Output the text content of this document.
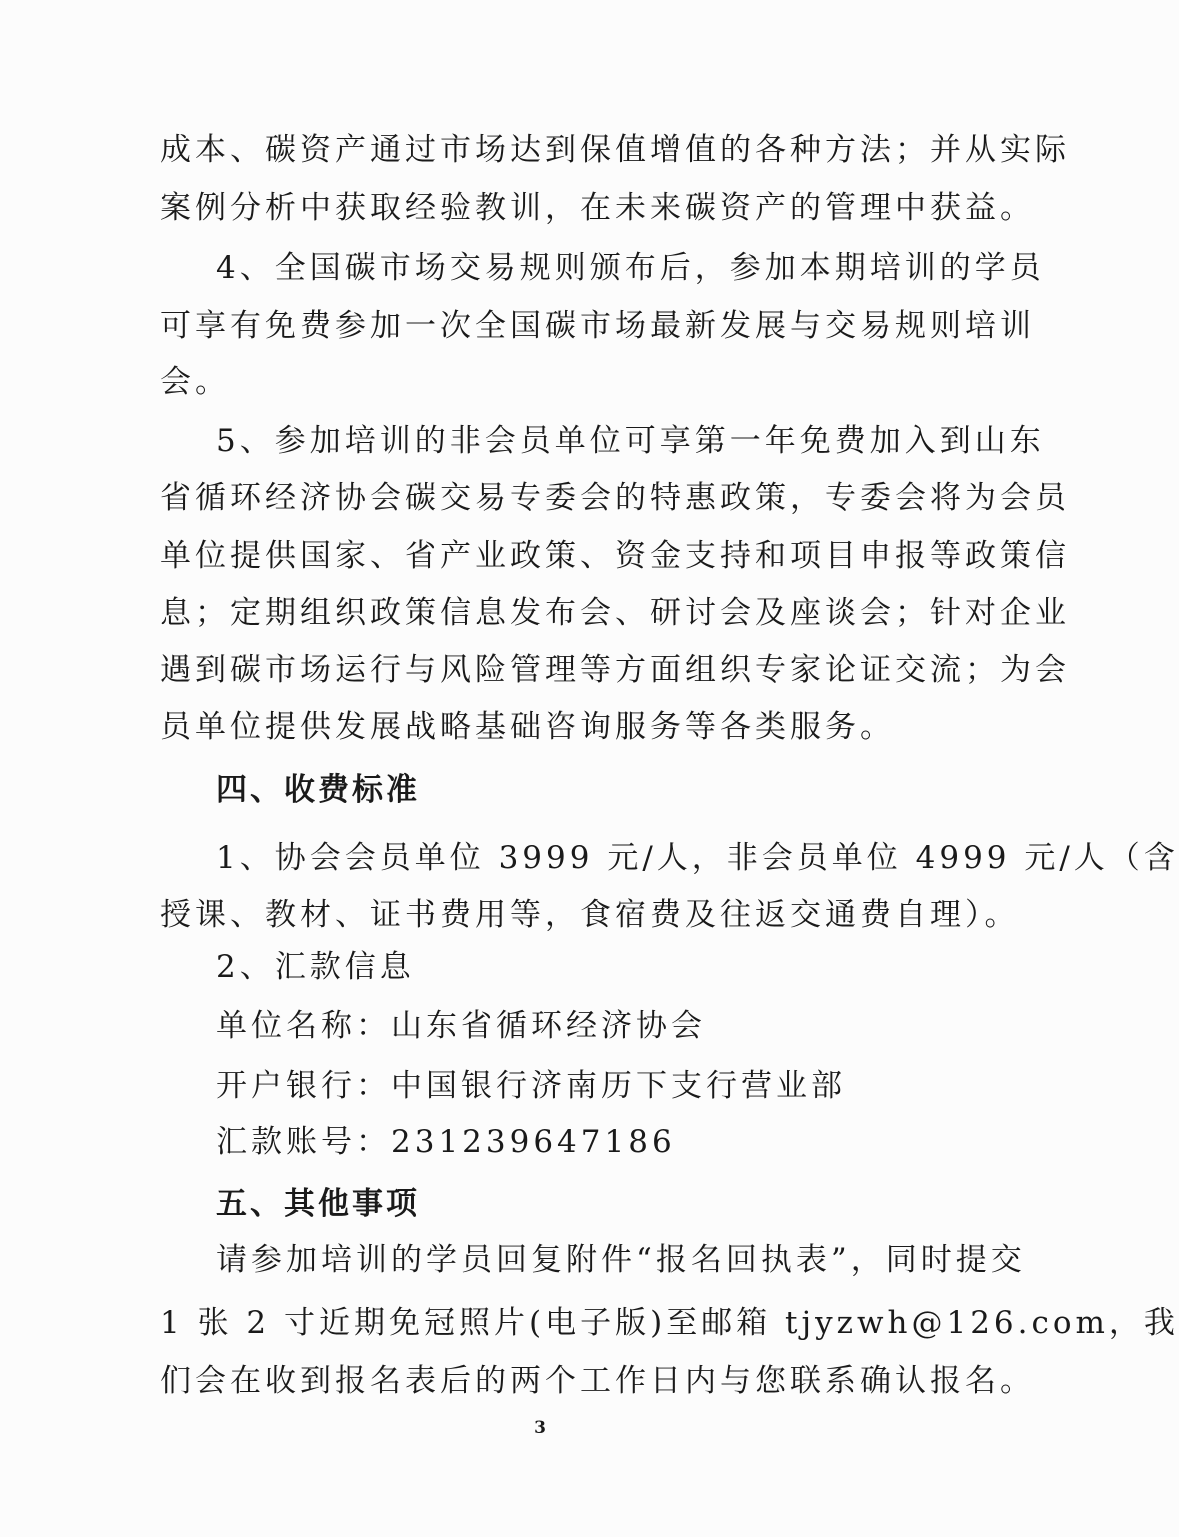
成本、碳资产通过市场达到保值增值的各种方法；并从实际
案例分析中获取经验教训，在未来碳资产的管理中获益。
4、全国碳市场交易规则颁布后，参加本期培训的学员
可享有免费参加一次全国碳市场最新发展与交易规则培训
会。
5、参加培训的非会员单位可享第一年免费加入到山东
省循环经济协会碳交易专委会的特惠政策，专委会将为会员
单位提供国家、省产业政策、资金支持和项目申报等政策信
息；定期组织政策信息发布会、研讨会及座谈会；针对企业
遇到碳市场运行与风险管理等方面组织专家论证交流；为会
员单位提供发展战略基础咨询服务等各类服务。
四、收费标准
1、协会会员单位 3999 元/人，非会员单位 4999 元/人（含
授课、教材、证书费用等，食宿费及往返交通费自理）。
2、汇款信息
单位名称：山东省循环经济协会
开户银行：中国银行济南历下支行营业部
汇款账号：231239647186
五、其他事项
请参加培训的学员回复附件“报名回执表”，同时提交
1 张 2 寸近期免冠照片(电子版)至邮箱 tjyzwh@126.com，我
们会在收到报名表后的两个工作日内与您联系确认报名。
3
